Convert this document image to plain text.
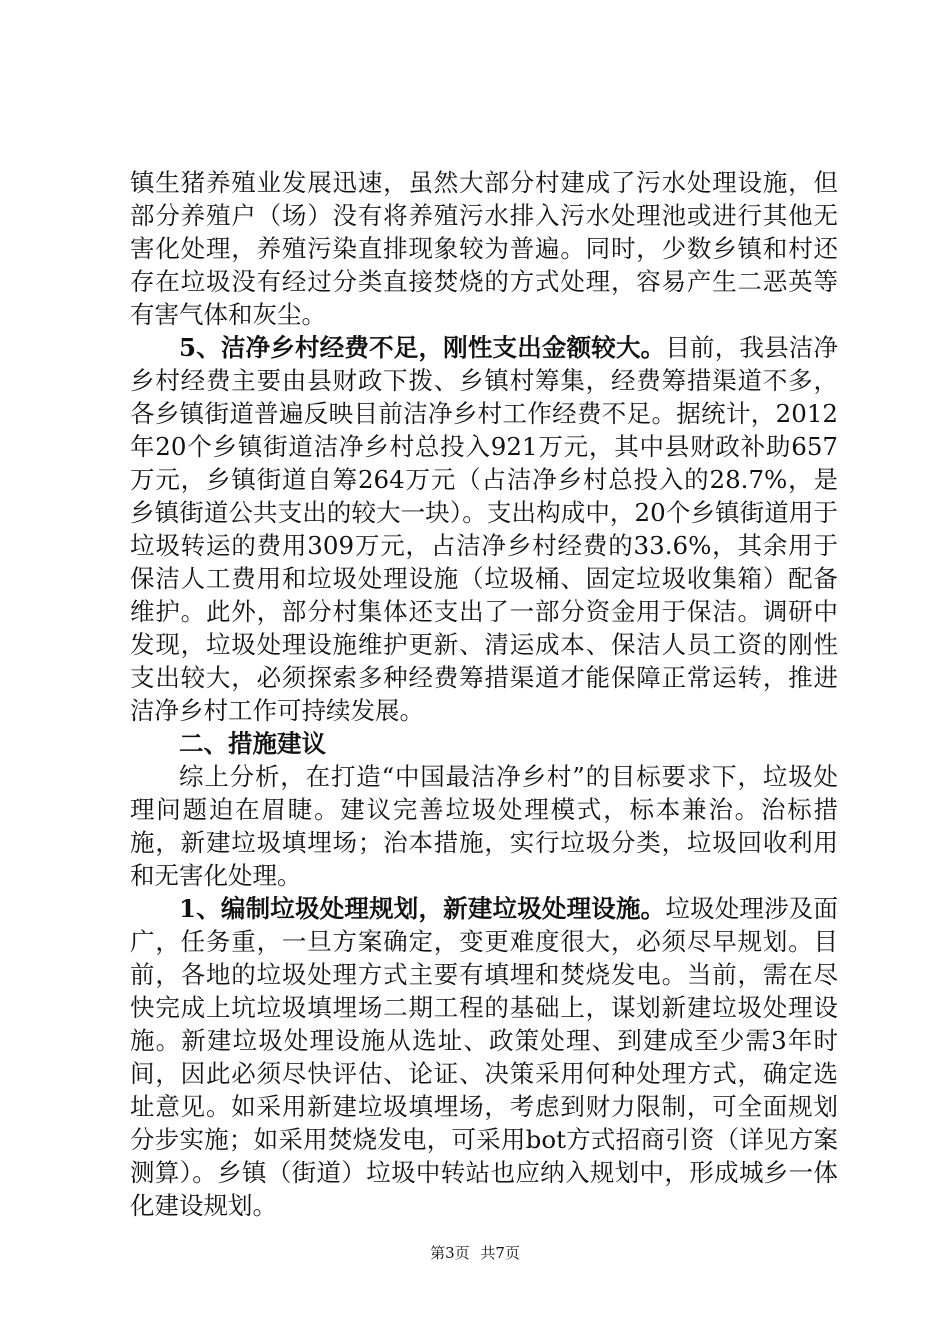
镇生猪养殖业发展迅速，虽然大部分村建成了污水处理设施，但部分养殖户（场）没有将养殖污水排入污水处理池或进行其他无害化处理，养殖污染直排现象较为普遍。同时，少数乡镇和村还存在垃圾没有经过分类直接焚烧的方式处理，容易产生二恶英等有害气体和灰尘。

5、洁净乡村经费不足，刚性支出金额较大。目前，我县洁净乡村经费主要由县财政下拨、乡镇村筹集，经费筹措渠道不多，各乡镇街道普遍反映目前洁净乡村工作经费不足。据统计，2012年20个乡镇街道洁净乡村总投入921万元，其中县财政补助657万元，乡镇街道自筹264万元（占洁净乡村总投入的28.7%，是乡镇街道公共支出的较大一块）。支出构成中，20个乡镇街道用于垃圾转运的费用309万元，占洁净乡村经费的33.6%，其余用于保洁人工费用和垃圾处理设施（垃圾桶、固定垃圾收集箱）配备维护。此外，部分村集体还支出了一部分资金用于保洁。调研中发现，垃圾处理设施维护更新、清运成本、保洁人员工资的刚性支出较大，必须探索多种经费筹措渠道才能保障正常运转，推进洁净乡村工作可持续发展。

二、措施建议

综上分析，在打造“中国最洁净乡村”的目标要求下，垃圾处理问题迫在眉睫。建议完善垃圾处理模式，标本兼治。治标措施，新建垃圾填埋场；治本措施，实行垃圾分类，垃圾回收利用和无害化处理。

1、编制垃圾处理规划，新建垃圾处理设施。垃圾处理涉及面广，任务重，一旦方案确定，变更难度很大，必须尽早规划。目前，各地的垃圾处理方式主要有填埋和焚烧发电。当前，需在尽快完成上坑垃圾填埋场二期工程的基础上，谋划新建垃圾处理设施。新建垃圾处理设施从选址、政策处理、到建成至少需3年时间，因此必须尽快评估、论证、决策采用何种处理方式，确定选址意见。如采用新建垃圾填埋场，考虑到财力限制，可全面规划分步实施；如采用焚烧发电，可采用bot方式招商引资（详见方案测算）。乡镇（街道）垃圾中转站也应纳入规划中，形成城乡一体化建设规划。

第3页 共7页
